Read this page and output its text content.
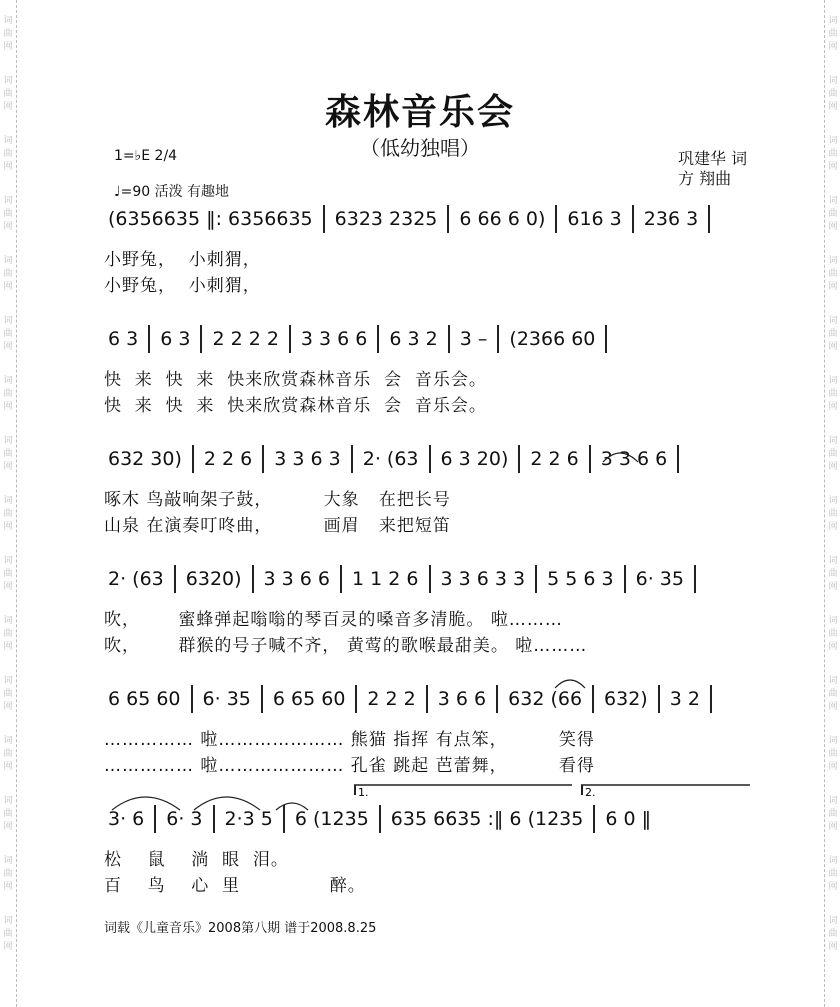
词
曲
网
词
曲
网
词
曲
网
词
曲
网
词
曲
网
词
曲
网
词
曲
网
词
曲
网
词
曲
网
词
曲
网
词
曲
网
词
曲
网
词
曲
网
词
曲
网
词
曲
网
词
曲
网
词
曲
网
词
曲
网
词
曲
网
词
曲
网
词
曲
网
词
曲
网
词
曲
网
词
曲
网
词
曲
网
词
曲
网
词
曲
网
词
曲
网
词
曲
网
词
曲
网
词
曲
网
词
曲
网
森林音乐会
（低幼独唱）	巩建华 词
方 翔曲
1=♭E 2/4
♩=90 活泼 有趣地
(6356635 ‖: 6356635 6323 2325 6 66 6 0) 616 3 236 3
小野兔，  小刺猬，
小野兔，  小刺猬，
6 3 6 3 2 2 2 2 3 3 6 6 6 3 2 3 – (2366 60
快  来  快  来  快来欣赏森林音乐  会  音乐会。
快  来  快  来  快来欣赏森林音乐  会  音乐会。
632 30) 2 2 6 3 3 6 3 2· (63 6 3 20) 2 2 6 3 3 6 6
啄木 鸟敲响架子鼓，        大象   在把长号
山泉 在演奏叮咚曲，        画眉   来把短笛
2· (63 6320) 3 3 6 6 1 1 2 6 3 3 6 3 3 5 5 6 3 6· 35
吹，      蜜蜂弹起嗡嗡的琴百灵的嗓音多清脆。 啦………
吹，      群猴的号子喊不齐， 黄莺的歌喉最甜美。 啦………
6 65 60 6· 35 6 65 60 2 2 2 3 6 6 632 (66 632) 3 2
…………… 啦………………… 熊猫 指挥 有点笨，        笑得
…………… 啦………………… 孔雀 跳起 芭蕾舞，        看得
3· 6 6· 3 2·3 5 6 (1235 635 6635 :‖ 6 (1235 6 0 ‖
松    鼠    淌  眼  泪。
百    鸟    心  里              醉。
词载《儿童音乐》2008第八期 谱于2008.8.25
1.	2.
